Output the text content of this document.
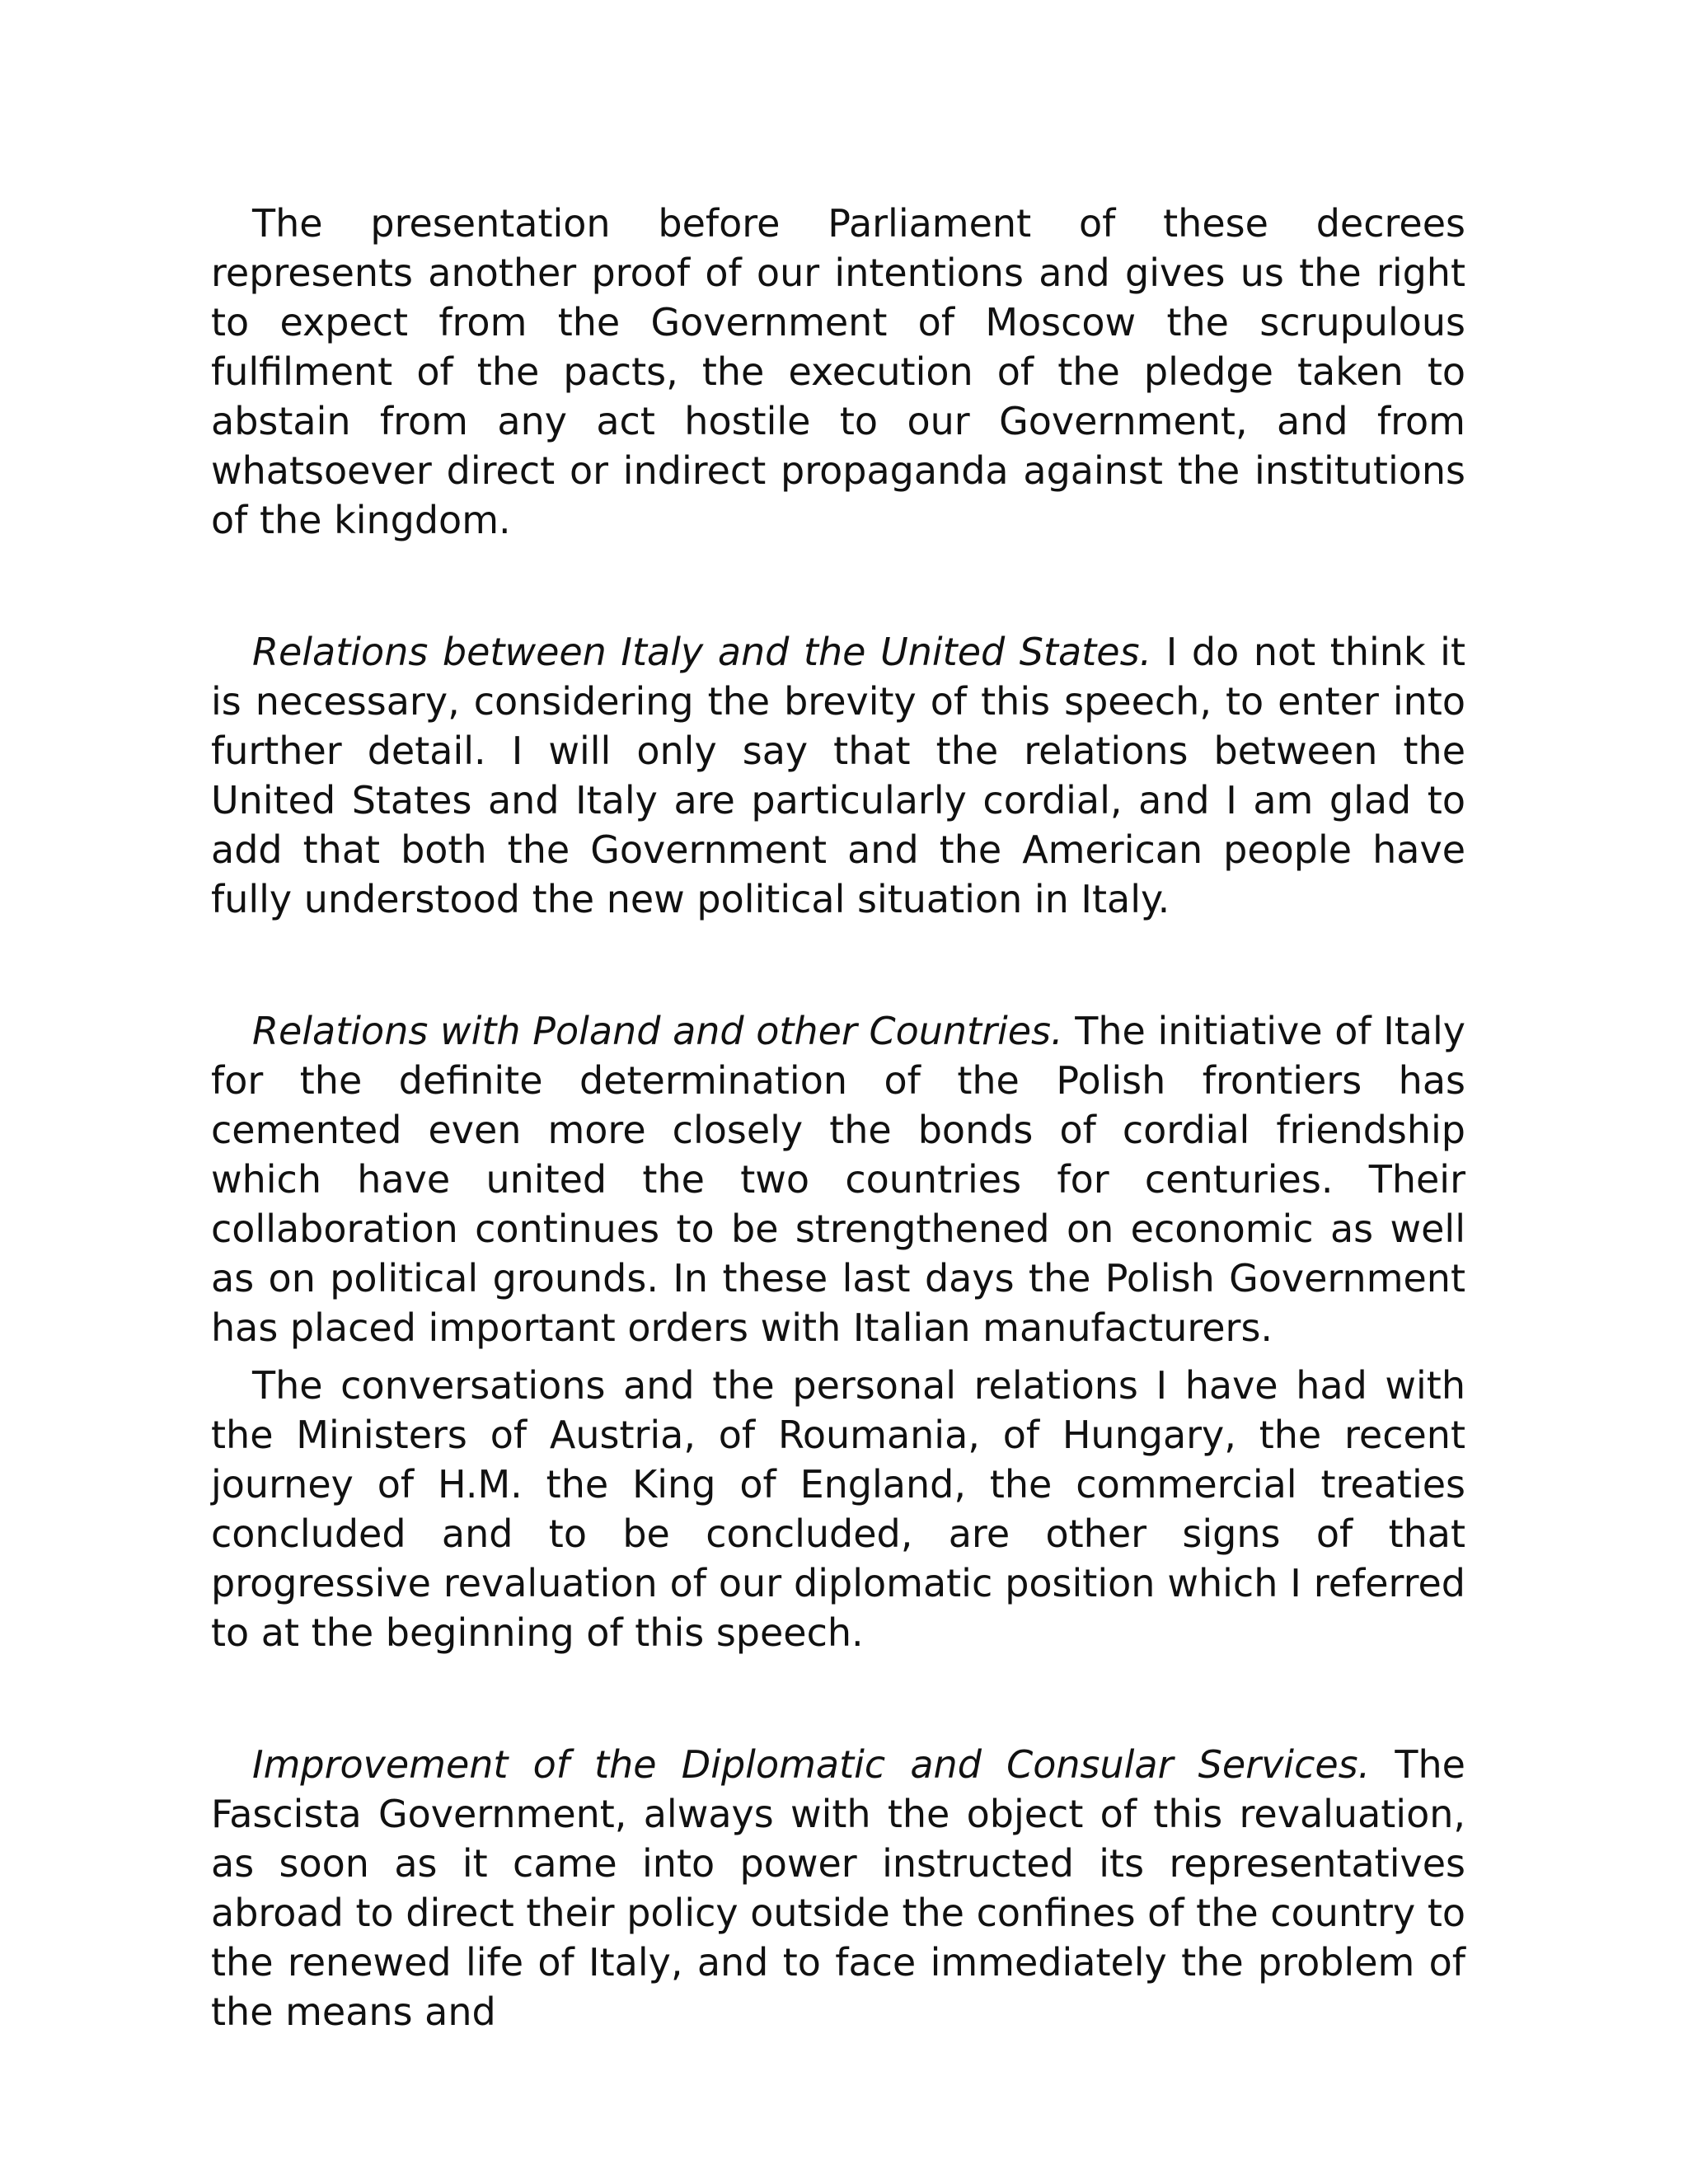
The presentation before Parliament of these decrees represents another proof of our intentions and gives us the right to expect from the Government of Moscow the scrupulous fulfilment of the pacts, the execution of the pledge taken to abstain from any act hostile to our Government, and from whatsoever direct or indirect propaganda against the institutions of the kingdom.

Relations between Italy and the United States. I do not think it is necessary, considering the brevity of this speech, to enter into further detail. I will only say that the relations between the United States and Italy are particularly cordial, and I am glad to add that both the Government and the American people have fully understood the new political situation in Italy.

Relations with Poland and other Countries. The initiative of Italy for the definite determination of the Polish frontiers has cemented even more closely the bonds of cordial friendship which have united the two countries for centuries. Their collaboration continues to be strengthened on economic as well as on political grounds. In these last days the Polish Government has placed important orders with Italian manufacturers.

The conversations and the personal relations I have had with the Ministers of Austria, of Roumania, of Hungary, the recent journey of H.M. the King of England, the commercial treaties concluded and to be concluded, are other signs of that progressive revaluation of our diplomatic position which I referred to at the beginning of this speech.

Improvement of the Diplomatic and Consular Services. The Fascista Government, always with the object of this revaluation, as soon as it came into power instructed its representatives abroad to direct their policy outside the confines of the country to the renewed life of Italy, and to face immediately the problem of the means and
